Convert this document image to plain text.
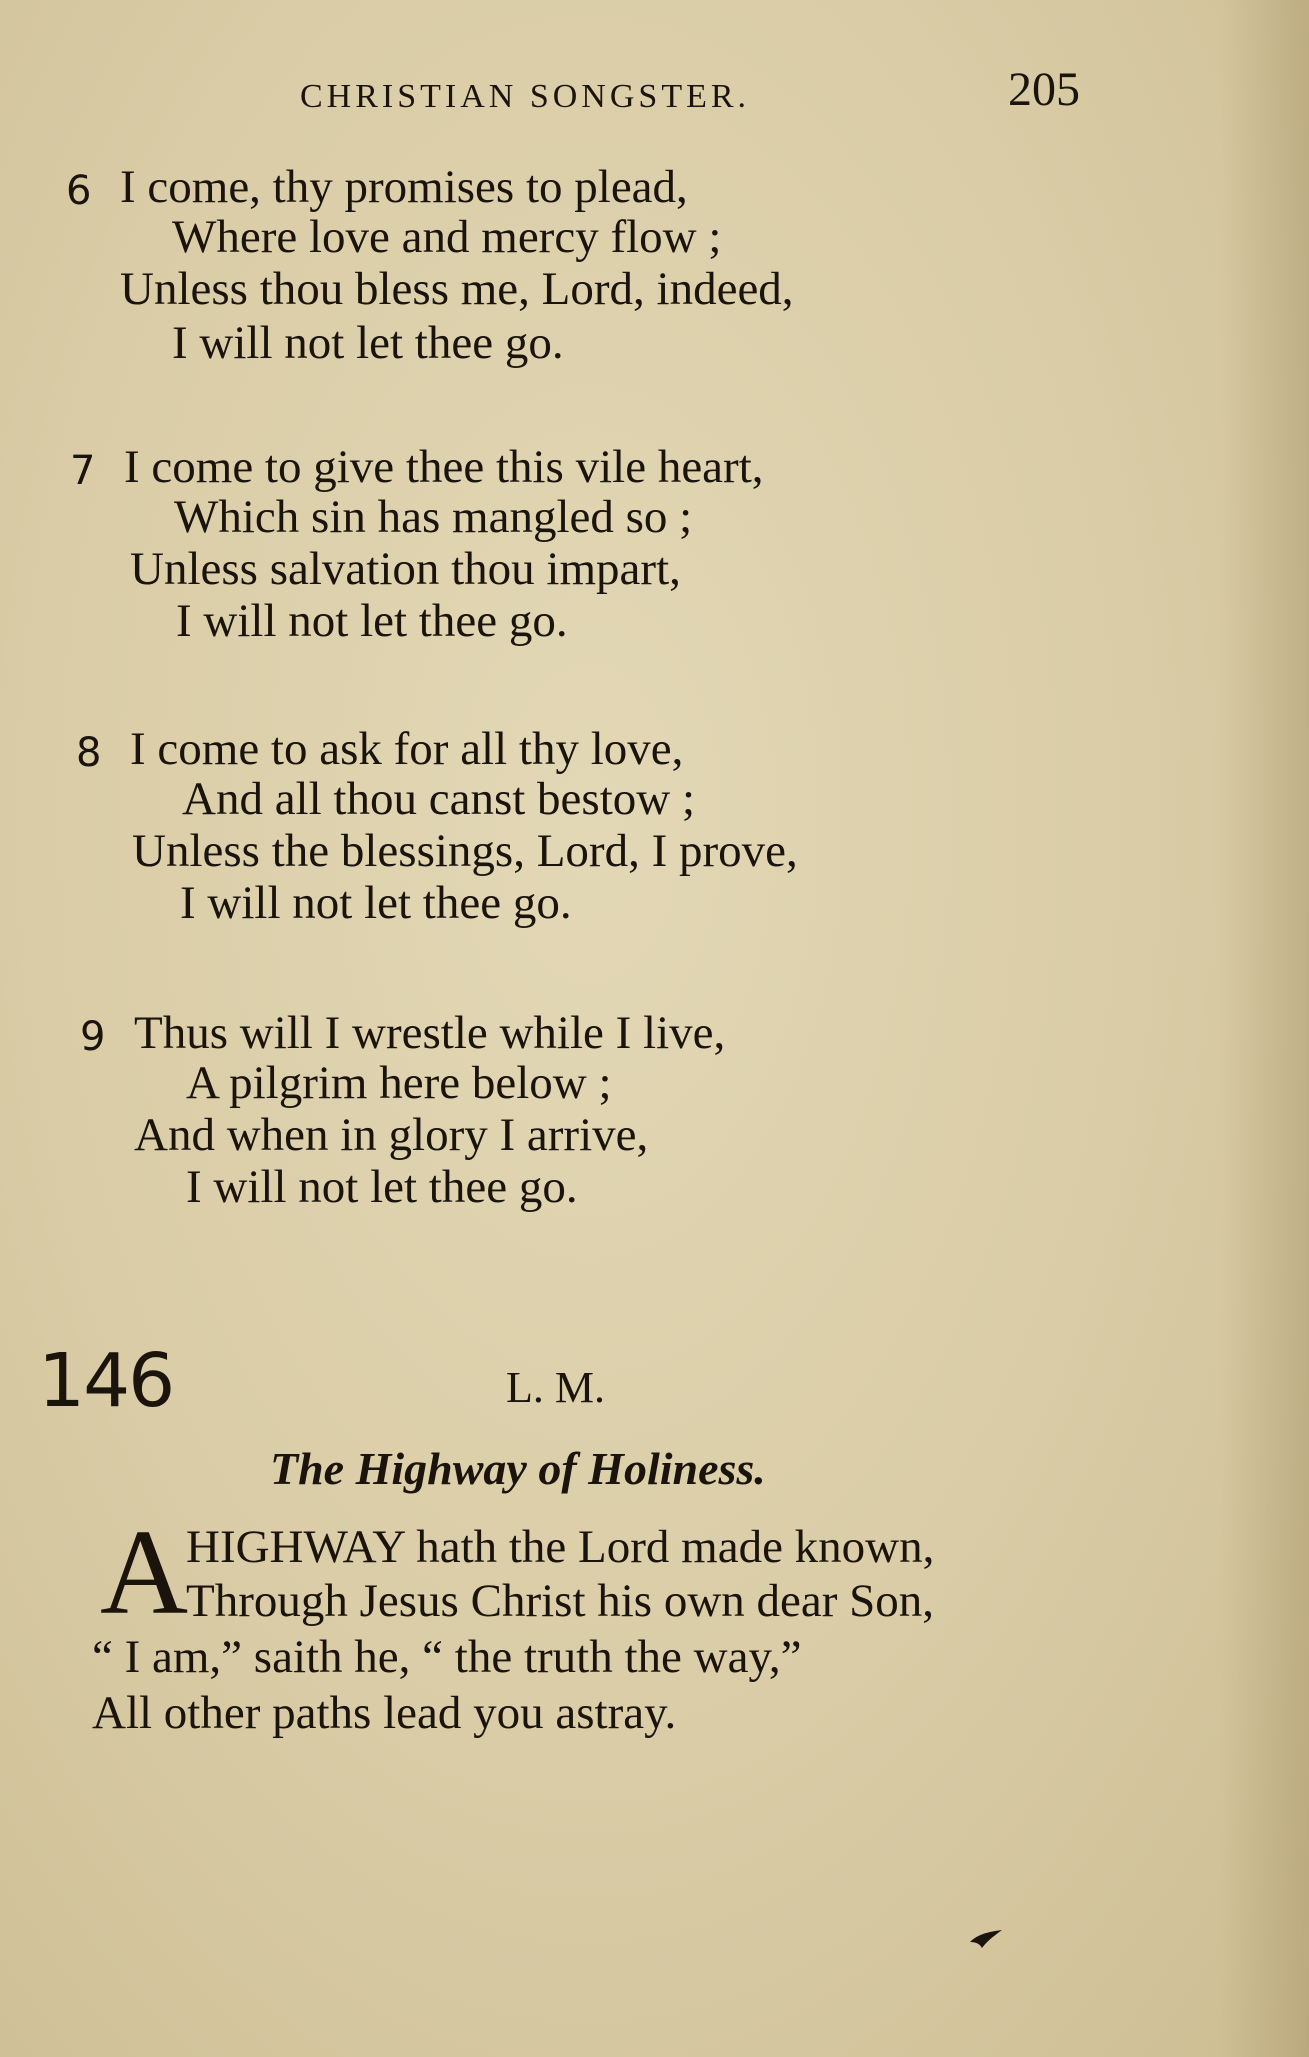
CHRISTIAN SONGSTER.	205
6 I come, thy promises to plead,
Where love and mercy flow ;
Unless thou bless me, Lord, indeed,
I will not let thee go.
7 I come to give thee this vile heart,
Which sin has mangled so ;
Unless salvation thou impart,
I will not let thee go.
8 I come to ask for all thy love,
And all thou canst bestow ;
Unless the blessings, Lord, I prove,
I will not let thee go.
9 Thus will I wrestle while I live,
A pilgrim here below ;
And when in glory I arrive,
I will not let thee go.
146	L. M.
The Highway of Holiness.
A
HIGHWAY hath the Lord made known,
Through Jesus Christ his own dear Son,
“ I am,” saith he, “ the truth the way,”
All other paths lead you astray.
